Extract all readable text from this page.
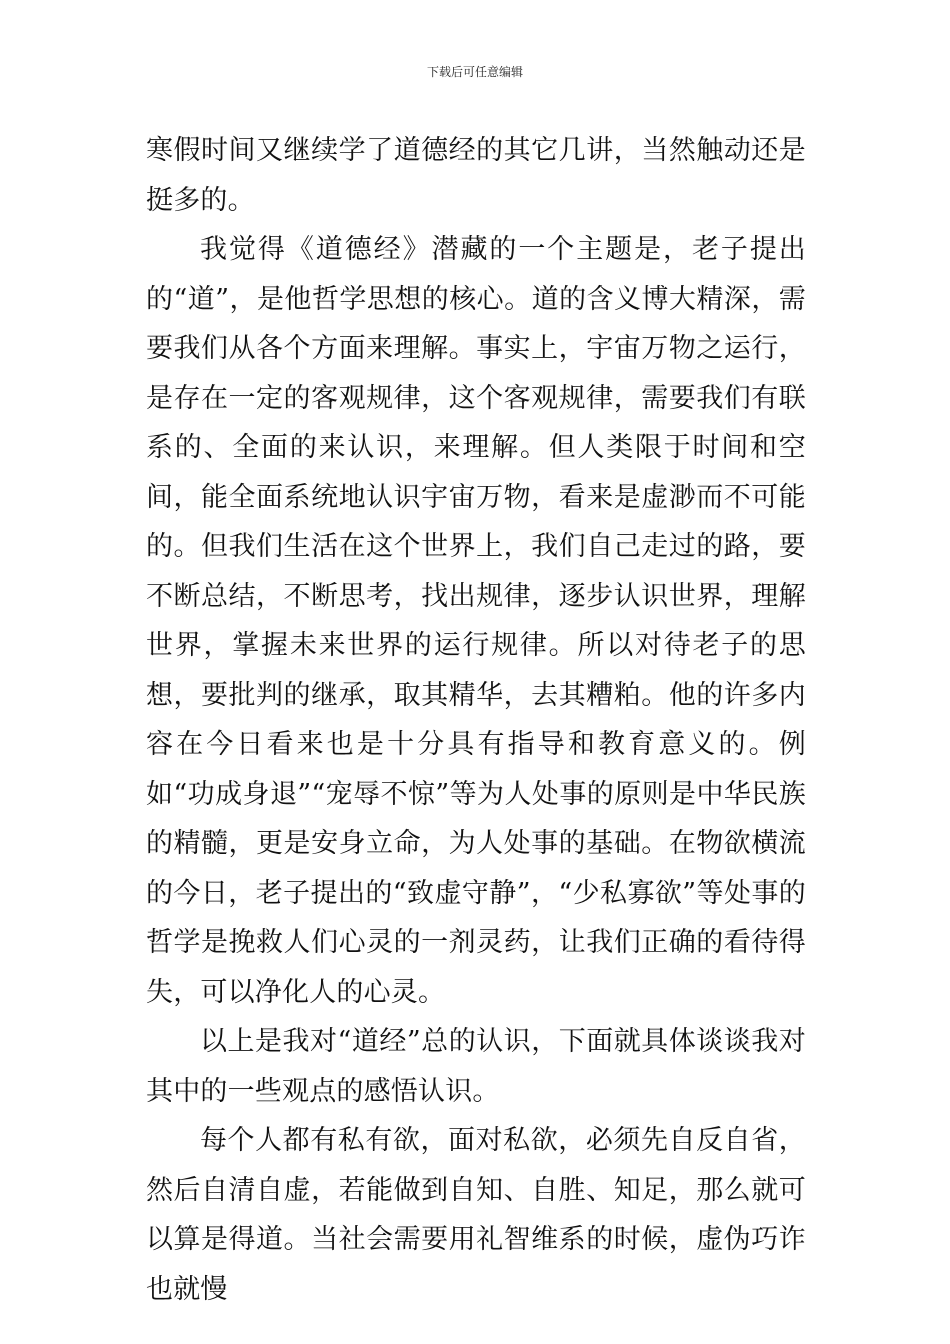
下载后可任意编辑

寒假时间又继续学了道德经的其它几讲，当然触动还是挺多的。

我觉得《道德经》潜藏的一个主题是，老子提出的“道”，是他哲学思想的核心。道的含义博大精深，需要我们从各个方面来理解。事实上，宇宙万物之运行，是存在一定的客观规律，这个客观规律，需要我们有联系的、全面的来认识，来理解。但人类限于时间和空间，能全面系统地认识宇宙万物，看来是虚渺而不可能的。但我们生活在这个世界上，我们自己走过的路，要不断总结，不断思考，找出规律，逐步认识世界，理解世界，掌握未来世界的运行规律。所以对待老子的思想，要批判的继承，取其精华，去其糟粕。他的许多内容在今日看来也是十分具有指导和教育意义的。例如“功成身退”“宠辱不惊”等为人处事的原则是中华民族的精髓，更是安身立命，为人处事的基础。在物欲横流的今日，老子提出的“致虚守静”，“少私寡欲”等处事的哲学是挽救人们心灵的一剂灵药，让我们正确的看待得失，可以净化人的心灵。

以上是我对“道经”总的认识，下面就具体谈谈我对其中的一些观点的感悟认识。

每个人都有私有欲，面对私欲，必须先自反自省，然后自清自虚，若能做到自知、自胜、知足，那么就可以算是得道。当社会需要用礼智维系的时候，虚伪巧诈也就慢
